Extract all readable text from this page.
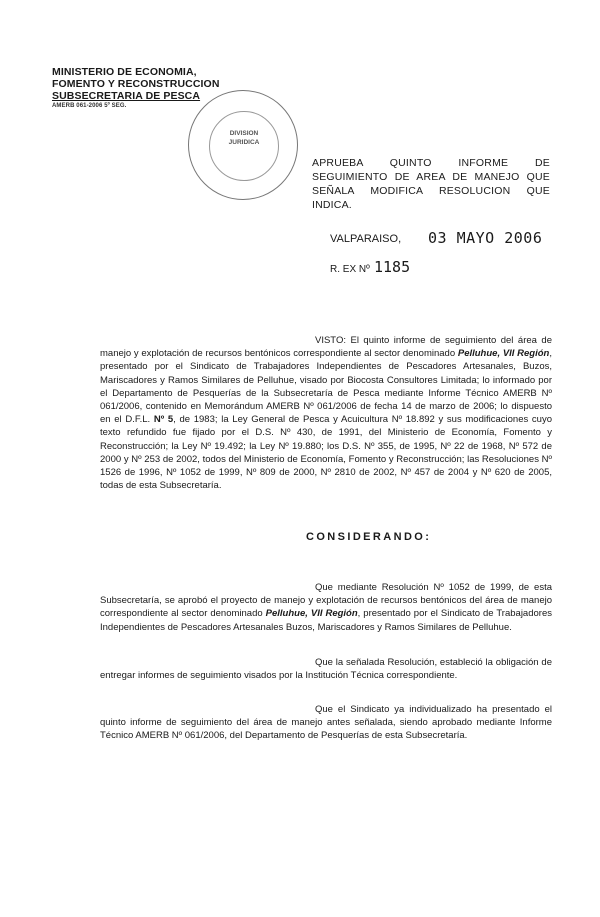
MINISTERIO DE ECONOMIA,
FOMENTO Y RECONSTRUCCION
SUBSECRETARIA DE PESCA
AMERB 061-2006 5º SEG.
DIVISION
JURIDICA
APRUEBA QUINTO INFORME DE
SEGUIMIENTO DE AREA DE MANEJO QUE
SEÑALA MODIFICA RESOLUCION QUE INDICA.
VALPARAISO, 03 MAYO 2006
R. EX Nº 1185
VISTO: El quinto informe de seguimiento del área de manejo y explotación de recursos bentónicos correspondiente al sector denominado Pelluhue, VII Región, presentado por el Sindicato de Trabajadores Independientes de Pescadores Artesanales, Buzos, Mariscadores y Ramos Similares de Pelluhue, visado por Biocosta Consultores Limitada; lo informado por el Departamento de Pesquerías de la Subsecretaría de Pesca mediante Informe Técnico AMERB Nº 061/2006, contenido en Memorándum AMERB Nº 061/2006 de fecha 14 de marzo de 2006; lo dispuesto en el D.F.L. Nº 5, de 1983; la Ley General de Pesca y Acuicultura Nº 18.892 y sus modificaciones cuyo texto refundido fue fijado por el D.S. Nº 430, de 1991, del Ministerio de Economía, Fomento y Reconstrucción; la Ley Nº 19.492; la Ley Nº 19.880; los D.S. Nº 355, de 1995, Nº 22 de 1968, Nº 572 de 2000 y Nº 253 de 2002, todos del Ministerio de Economía, Fomento y Reconstrucción; las Resoluciones Nº 1526 de 1996, Nº 1052 de 1999, Nº 809 de 2000, Nº 2810 de 2002, Nº 457 de 2004 y Nº 620 de 2005, todas de esta Subsecretaría.
CONSIDERANDO:
Que mediante Resolución Nº 1052 de 1999, de esta Subsecretaría, se aprobó el proyecto de manejo y explotación de recursos bentónicos del área de manejo correspondiente al sector denominado Pelluhue, VII Región, presentado por el Sindicato de Trabajadores Independientes de Pescadores Artesanales Buzos, Mariscadores y Ramos Similares de Pelluhue.
Que la señalada Resolución, estableció la obligación de entregar informes de seguimiento visados por la Institución Técnica correspondiente.
Que el Sindicato ya individualizado ha presentado el quinto informe de seguimiento del área de manejo antes señalada, siendo aprobado mediante Informe Técnico AMERB Nº 061/2006, del Departamento de Pesquerías de esta Subsecretaría.
